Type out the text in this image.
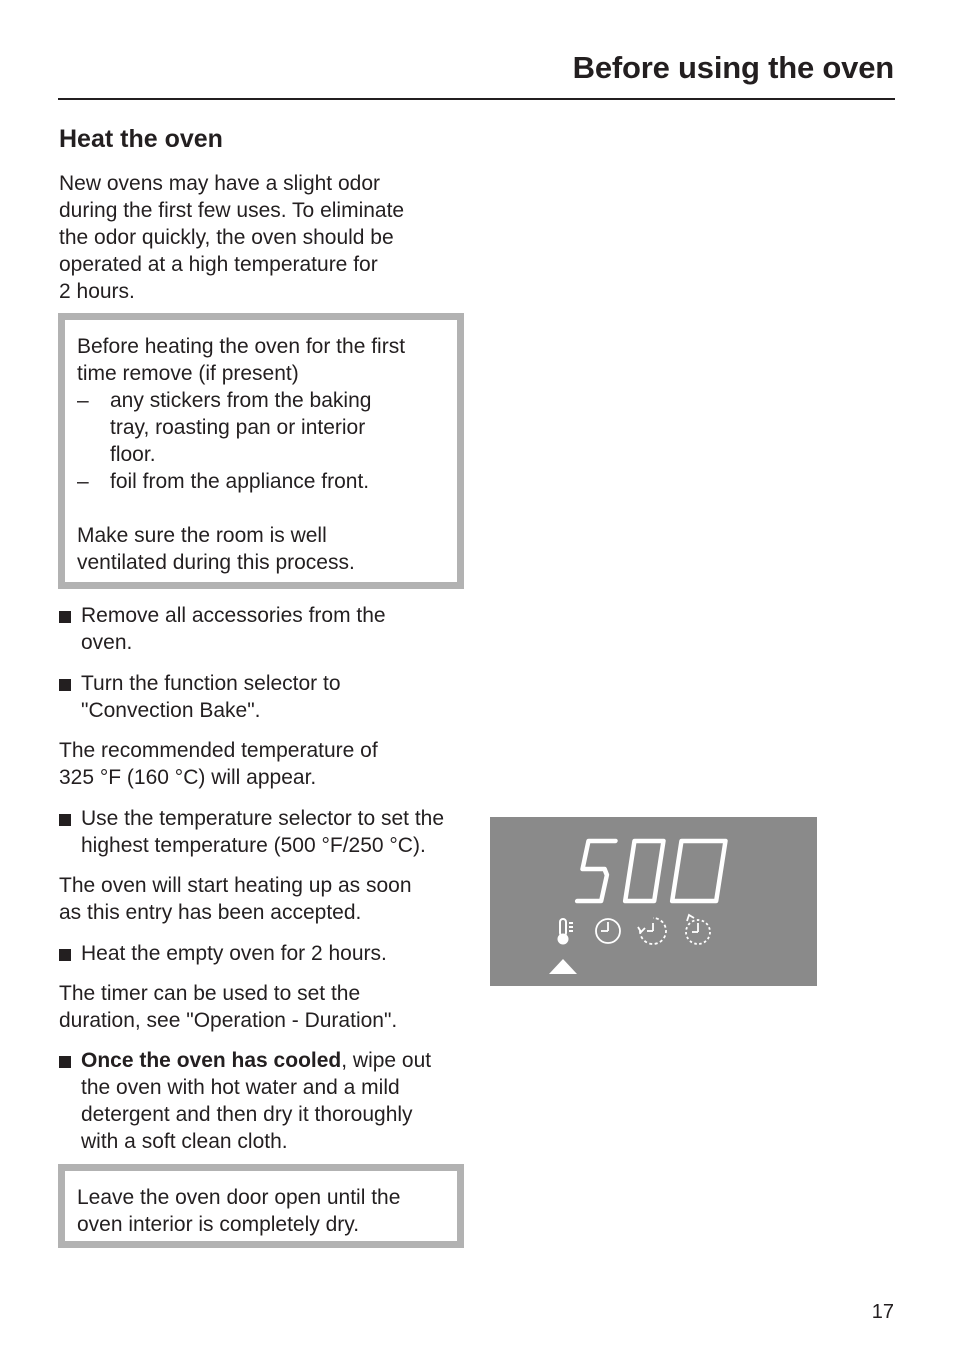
Before using the oven
Heat the oven
New ovens may have a slight odor
during the first few uses. To eliminate
the odor quickly, the oven should be
operated at a high temperature for
2 hours.
Before heating the oven for the first
time remove (if present)
– any stickers from the baking
tray, roasting pan or interior
floor.
– foil from the appliance front.
Make sure the room is well
ventilated during this process.
Remove all accessories from the
oven.
Turn the function selector to
"Convection Bake".
The recommended temperature of
325 °F (160 °C) will appear.
Use the temperature selector to set the
highest temperature (500 °F/250 °C).
The oven will start heating up as soon
as this entry has been accepted.
Heat the empty oven for 2 hours.
The timer can be used to set the
duration, see "Operation - Duration".
Once the oven has cooled, wipe out
the oven with hot water and a mild
detergent and then dry it thoroughly
with a soft clean cloth.
Leave the oven door open until the
oven interior is completely dry.
17
